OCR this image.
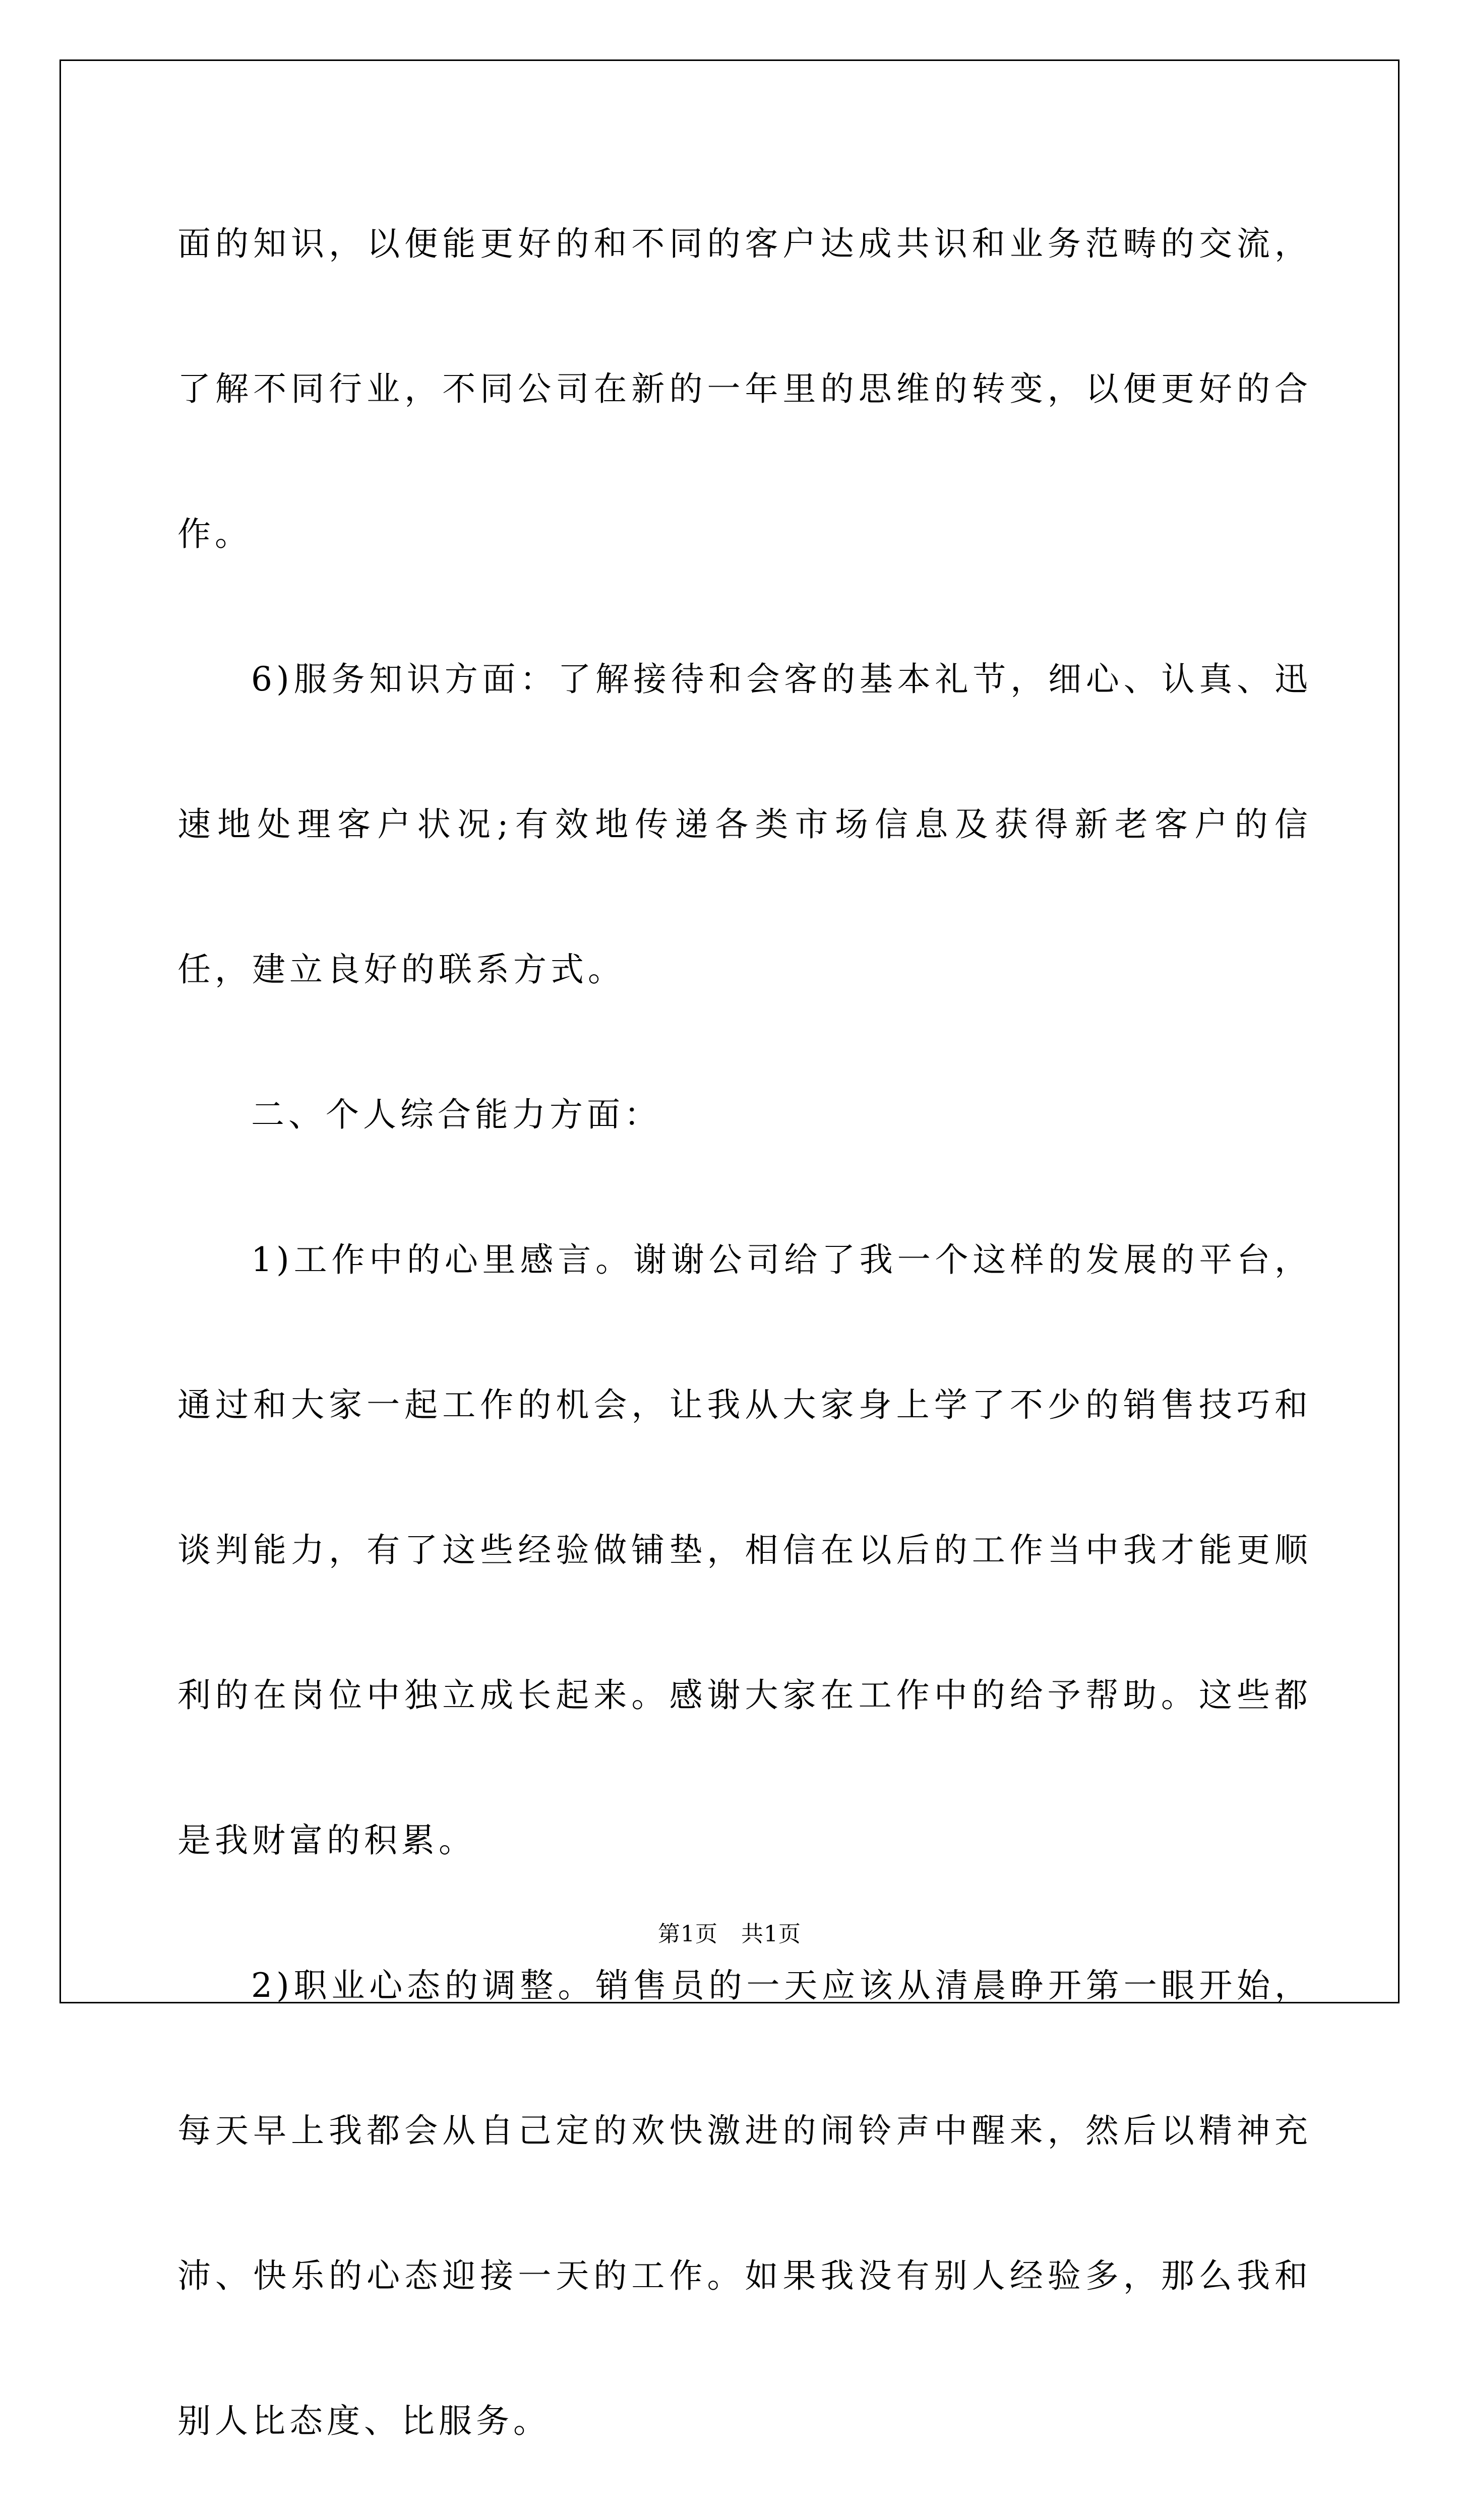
面的知识，以便能更好的和不同的客户达成共识和业务范畴的交流，了解不同行业，不同公司在新的一年里的思维的转变，以便更好的合作。

6)服务知识方面：了解接待和会客的基本礼节，细心、认真、迅速地处理客户状况;有效地传递各类市场信息及获得新老客户的信任，建立良好的联系方式。

二、个人综合能力方面：

1)工作中的心里感言。谢谢公司给了我一个这样的发展的平台，通过和大家一起工作的机会，让我从大家身上学了不少的销售技巧和谈判能力，有了这些经验做铺垫，相信在以后的工作当中我才能更顺利的在岗位中独立成长起来。感谢大家在工作中的给予帮助。这些都是我财富的积累。

2)职业心态的调整。销售员的一天应该从清晨睁开第一眼开始，每天早上我都会从自己定的欢快激进的闹铃声中醒来，然后以精神充沛、快乐的心态迎接一天的工作。如果我没有别人经验多，那么我和别人比态度、比服务。

第1页 共1页
